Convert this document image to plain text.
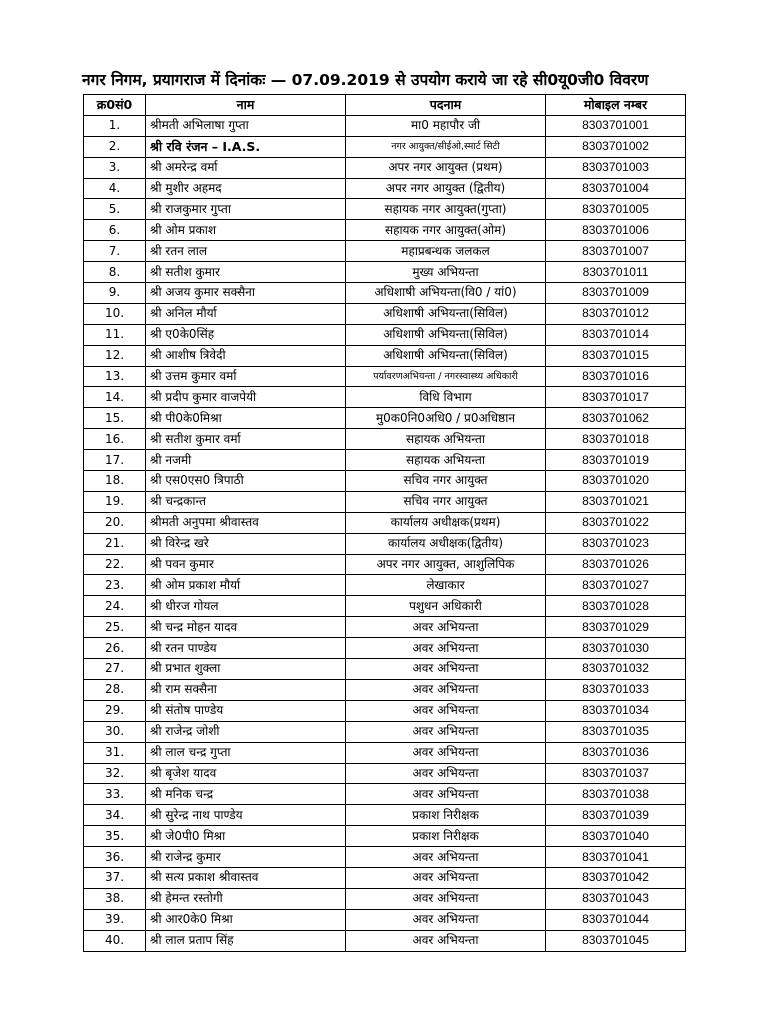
नगर निगम, प्रयागराज में दिनांकः — 07.09.2019 से उपयोग कराये जा रहे सी0यू0जी0 विवरण
क्र0सं0	नाम	पदनाम	मोबाइल नम्बर
1.	श्रीमती अभिलाषा गुप्ता	मा0 महापौर जी	8303701001
2.	श्री रवि रंजन – I.A.S.	नगर आयुक्त/सीईओ,स्मार्ट सिटी	8303701002
3.	श्री अमरेन्द्र वर्मा	अपर नगर आयुक्त (प्रथम)	8303701003
4.	श्री मुशीर अहमद	अपर नगर आयुक्त (द्वितीय)	8303701004
5.	श्री राजकुमार गुप्ता	सहायक नगर आयुक्त(गुप्ता)	8303701005
6.	श्री ओम प्रकाश	सहायक नगर आयुक्त(ओम)	8303701006
7.	श्री रतन लाल	महाप्रबन्धक जलकल	8303701007
8.	श्री सतीश कुमार	मुख्य अभियन्ता	8303701011
9.	श्री अजय कुमार सक्सैना	अधिशाषी अभियन्ता(वि0 / यां0)	8303701009
10.	श्री अनिल मौर्या	अधिशाषी अभियन्ता(सिविल)	8303701012
11.	श्री ए0के0सिंह	अधिशाषी अभियन्ता(सिविल)	8303701014
12.	श्री आशीष त्रिवेदी	अधिशाषी अभियन्ता(सिविल)	8303701015
13.	श्री उत्तम कुमार वर्मा	पर्यावरणअभियन्ता / नगरस्वास्थ्य अधिकारी	8303701016
14.	श्री प्रदीप कुमार वाजपेयी	विधि विभाग	8303701017
15.	श्री पी0के0मिश्रा	मु0क0नि0अधि0 / प्र0अधिष्ठान	8303701062
16.	श्री सतीश कुमार वर्मा	सहायक अभियन्ता	8303701018
17.	श्री नजमी	सहायक अभियन्ता	8303701019
18.	श्री एस0एस0 त्रिपाठी	सचिव नगर आयुक्त	8303701020
19.	श्री चन्द्रकान्त	सचिव नगर आयुक्त	8303701021
20.	श्रीमती अनुपमा श्रीवास्तव	कार्यालय अधीक्षक(प्रथम)	8303701022
21.	श्री विरेन्द्र खरे	कार्यालय अधीक्षक(द्वितीय)	8303701023
22.	श्री पवन कुमार	अपर नगर आयुक्त, आशुलिपिक	8303701026
23.	श्री ओम प्रकाश मौर्या	लेखाकार	8303701027
24.	श्री धीरज गोयल	पशुधन अधिकारी	8303701028
25.	श्री चन्द्र मोहन यादव	अवर अभियन्ता	8303701029
26.	श्री रतन पाण्डेय	अवर अभियन्ता	8303701030
27.	श्री प्रभात शुक्ला	अवर अभियन्ता	8303701032
28.	श्री राम सक्सैना	अवर अभियन्ता	8303701033
29.	श्री संतोष पाण्डेय	अवर अभियन्ता	8303701034
30.	श्री राजेन्द्र जोशी	अवर अभियन्ता	8303701035
31.	श्री लाल चन्द्र गुप्ता	अवर अभियन्ता	8303701036
32.	श्री बृजेश यादव	अवर अभियन्ता	8303701037
33.	श्री मनिक चन्द्र	अवर अभियन्ता	8303701038
34.	श्री सुरेन्द्र नाथ पाण्डेय	प्रकाश निरीक्षक	8303701039
35.	श्री जे0पी0 मिश्रा	प्रकाश निरीक्षक	8303701040
36.	श्री राजेन्द्र कुमार	अवर अभियन्ता	8303701041
37.	श्री सत्य प्रकाश श्रीवास्तव	अवर अभियन्ता	8303701042
38.	श्री हेमन्त रस्तोगी	अवर अभियन्ता	8303701043
39.	श्री आर0के0 मिश्रा	अवर अभियन्ता	8303701044
40.	श्री लाल प्रताप सिंह	अवर अभियन्ता	8303701045
